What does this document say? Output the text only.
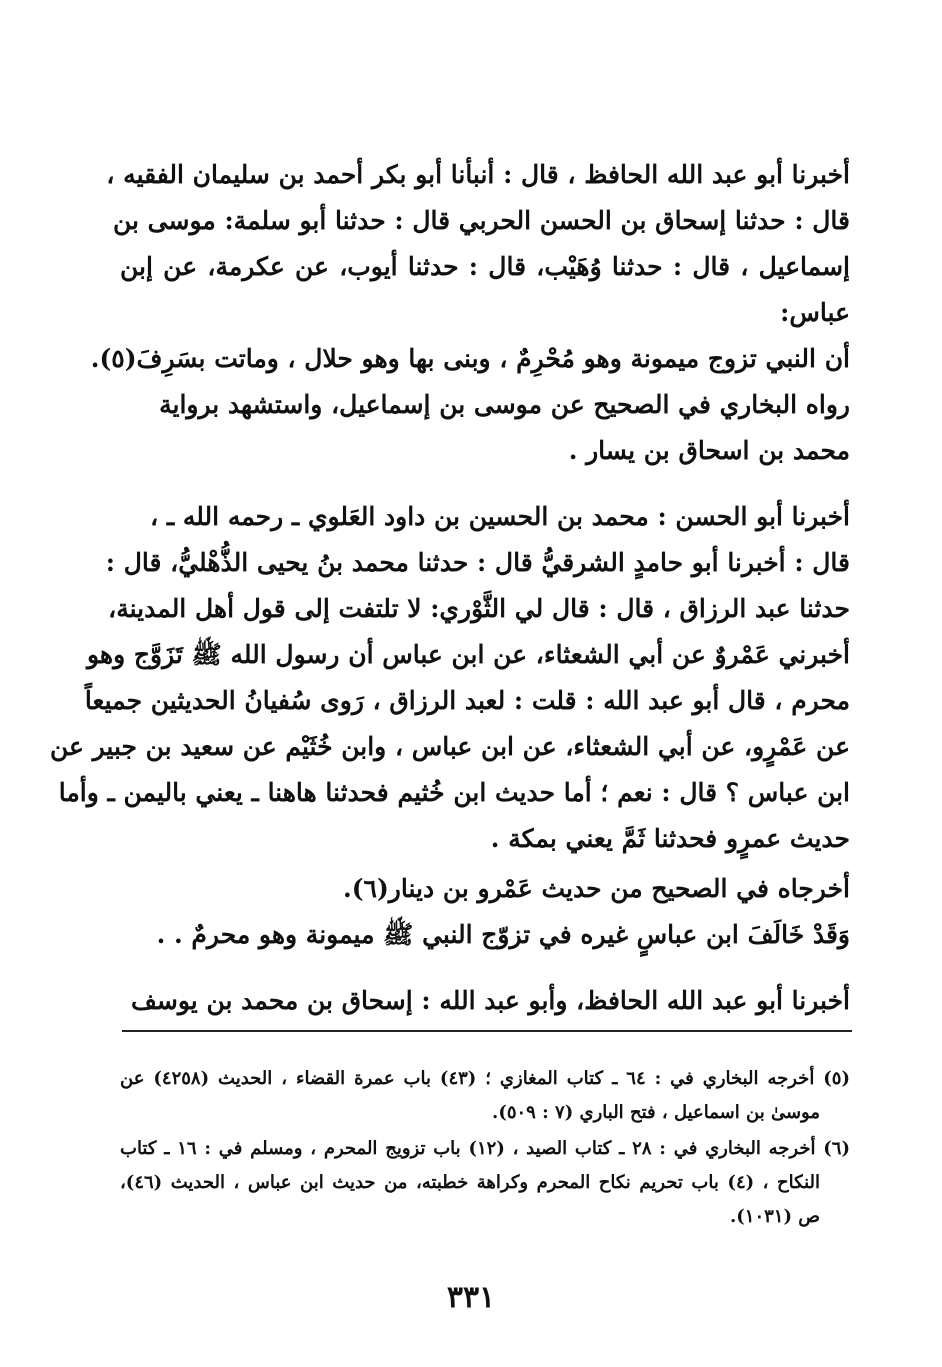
أخبرنا أبو عبد الله الحافظ ، قال : أنبأنا أبو بكر أحمد بن سليمان الفقيه ،
قال : حدثنا إسحاق بن الحسن الحربي قال : حدثنا أبو سلمة: موسى بن
إسماعيل ، قال : حدثنا وُهَيْب، قال : حدثنا أيوب، عن عكرمة، عن إبن
عباس:
أن النبي تزوج ميمونة وهو مُحْرِمٌ ، وبنى بها وهو حلال ، وماتت بسَرِفَ(٥).
رواه البخاري في الصحيح عن موسى بن إسماعيل، واستشهد برواية
محمد بن اسحاق بن يسار .
أخبرنا أبو الحسن : محمد بن الحسين بن داود العَلوي ـ رحمه الله ـ ،
قال : أخبرنا أبو حامدٍ الشرقيُّ قال : حدثنا محمد بنُ يحيى الذُّهْليُّ، قال :
حدثنا عبد الرزاق ، قال : قال لي الثَّوْري: لا تلتفت إلى قول أهل المدينة،
أخبرني عَمْروٌ عن أبي الشعثاء، عن ابن عباس أن رسول الله ﷺ تَزَوَّج وهو
محرم ، قال أبو عبد الله : قلت : لعبد الرزاق ، رَوى سُفيانُ الحديثين جميعاً
عن عَمْرٍو، عن أبي الشعثاء، عن ابن عباس ، وابن خُثَيْم عن سعيد بن جبير عن
ابن عباس ؟ قال : نعم ؛ أما حديث ابن خُثيم فحدثنا هاهنا ـ يعني باليمن ـ وأما
حديث عمرٍو فحدثنا ثَمَّ يعني بمكة .
أخرجاه في الصحيح من حديث عَمْرو بن دينار(٦).
وَقَدْ خَالَفَ ابن عباسٍ غيره في تزوّج النبي ﷺ ميمونة وهو محرمٌ . .
أخبرنا أبو عبد الله الحافظ، وأبو عبد الله : إسحاق بن محمد بن يوسف
(٥) أخرجه البخاري في : ٦٤ ـ كتاب المغازي ؛ (٤٣) باب عمرة القضاء ، الحديث (٤٢٥٨) عن
موسىٰ بن اسماعيل ، فتح الباري (٧ : ٥٠٩).
(٦) أخرجه البخاري في : ٢٨ ـ كتاب الصيد ، (١٢) باب تزويج المحرم ، ومسلم في : ١٦ ـ كتاب
النكاح ، (٤) باب تحريم نكاح المحرم وكراهة خطبته، من حديث ابن عباس ، الحديث (٤٦)،
ص (١٠٣١).
٣٣١
